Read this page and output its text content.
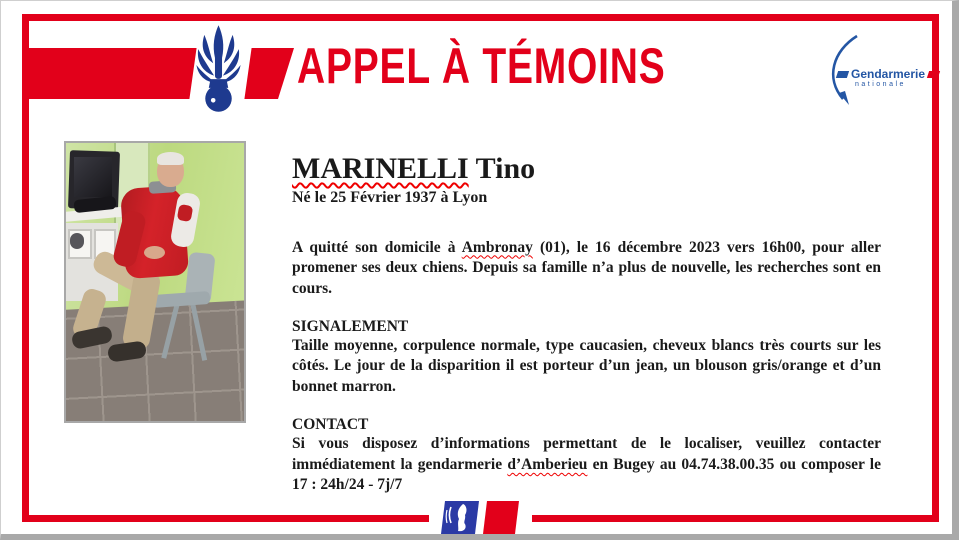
APPEL À TÉMOINS	Gendarmerie
nationale
MARINELLI Tino
Né le 25 Février 1937 à Lyon
A quitté son domicile à Ambronay (01), le 16 décembre 2023 vers 16h00, pour aller promener ses deux chiens. Depuis sa famille n’a plus de nouvelle, les recherches sont en cours.
SIGNALEMENT
Taille moyenne, corpulence normale, type caucasien, cheveux blancs très courts sur les côtés. Le jour de la disparition il est porteur d’un jean, un blouson gris/orange et d’un bonnet marron.
CONTACT
Si vous disposez d’informations permettant de le localiser, veuillez contacter immédiatement la gendarmerie d’Amberieu en Bugey au 04.74.38.00.35 ou composer le 17 : 24h/24 - 7j/7
